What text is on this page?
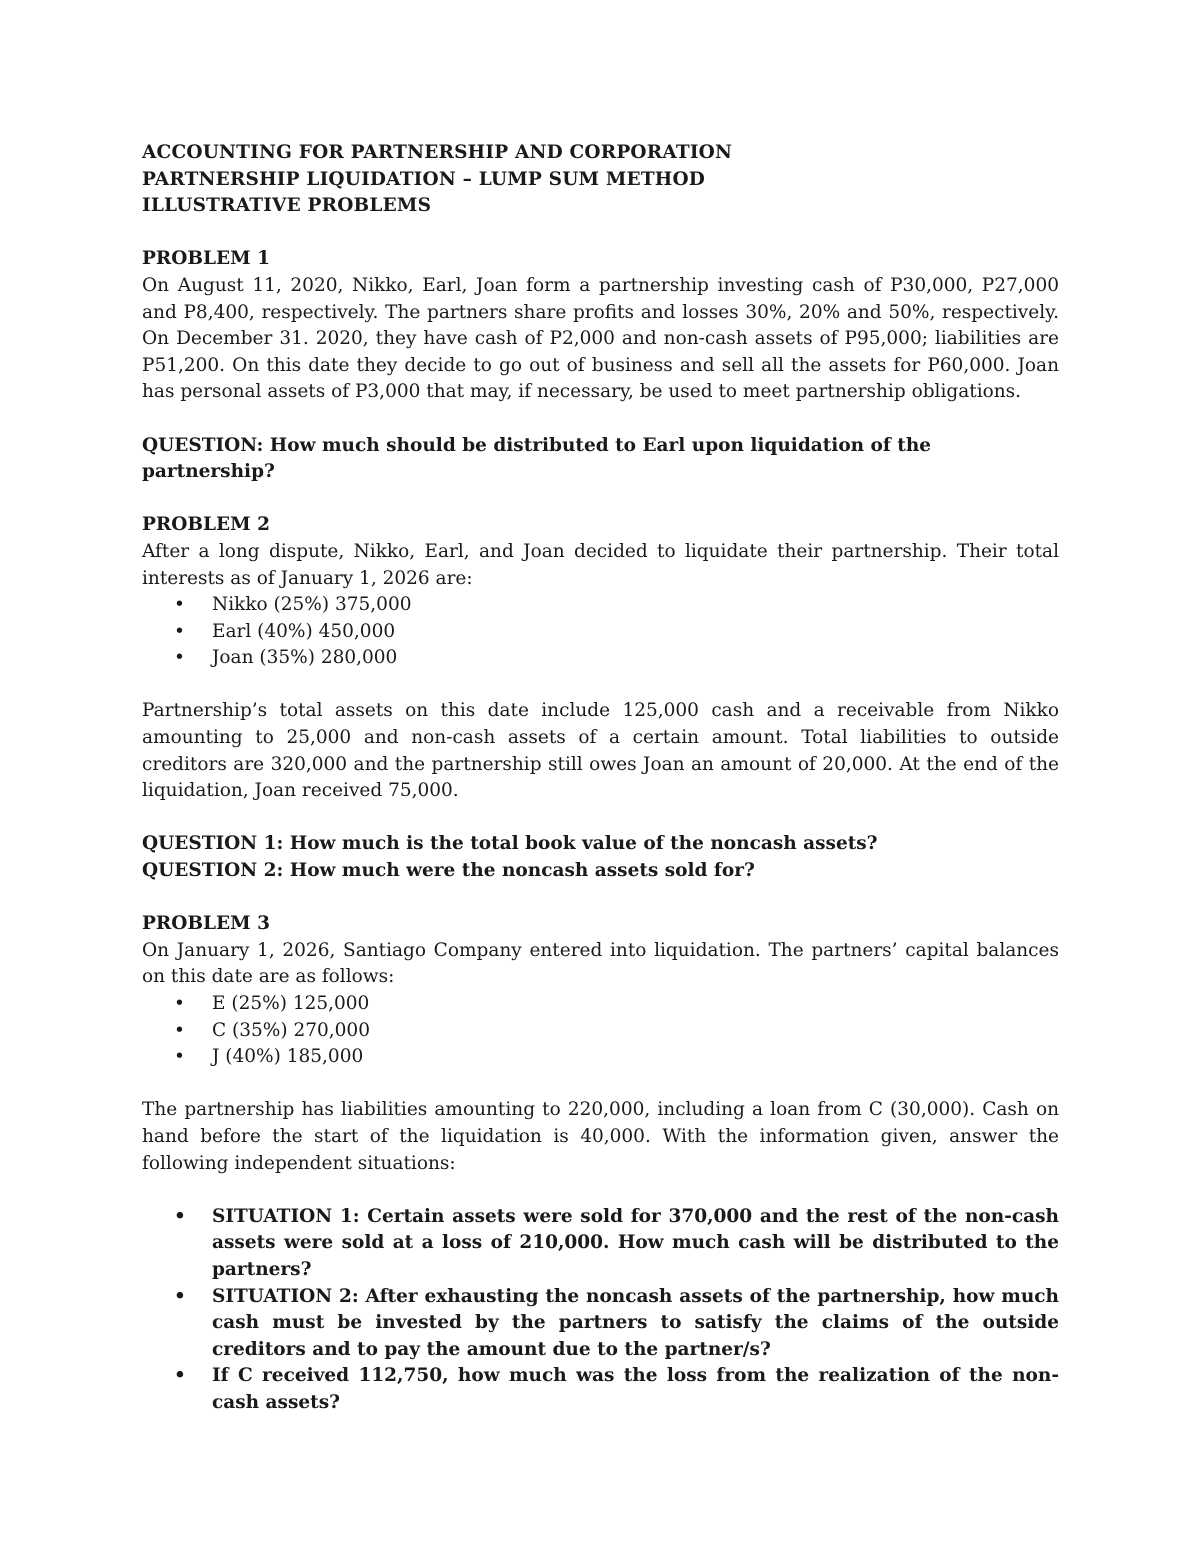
ACCOUNTING FOR PARTNERSHIP AND CORPORATION

PARTNERSHIP LIQUIDATION – LUMP SUM METHOD

ILLUSTRATIVE PROBLEMS

PROBLEM 1

On August 11, 2020, Nikko, Earl, Joan form a partnership investing cash of P30,000, P27,000 and P8,400, respectively. The partners share profits and losses 30%, 20% and 50%, respectively. On December 31. 2020, they have cash of P2,000 and non-cash assets of P95,000; liabilities are P51,200. On this date they decide to go out of business and sell all the assets for P60,000. Joan has personal assets of P3,000 that may, if necessary, be used to meet partnership obligations.

QUESTION: How much should be distributed to Earl upon liquidation of the partnership?

PROBLEM 2

After a long dispute, Nikko, Earl, and Joan decided to liquidate their partnership. Their total interests as of January 1, 2026 are:

• Nikko (25%) 375,000
• Earl (40%) 450,000
• Joan (35%) 280,000

Partnership’s total assets on this date include 125,000 cash and a receivable from Nikko amounting to 25,000 and non-cash assets of a certain amount. Total liabilities to outside creditors are 320,000 and the partnership still owes Joan an amount of 20,000. At the end of the liquidation, Joan received 75,000.

QUESTION 1: How much is the total book value of the noncash assets?

QUESTION 2: How much were the noncash assets sold for?

PROBLEM 3

On January 1, 2026, Santiago Company entered into liquidation. The partners’ capital balances on this date are as follows:

• E (25%) 125,000
• C (35%) 270,000
• J (40%) 185,000

The partnership has liabilities amounting to 220,000, including a loan from C (30,000). Cash on hand before the start of the liquidation is 40,000. With the information given, answer the following independent situations:

• SITUATION 1: Certain assets were sold for 370,000 and the rest of the non-cash assets were sold at a loss of 210,000. How much cash will be distributed to the partners?
• SITUATION 2: After exhausting the noncash assets of the partnership, how much cash must be invested by the partners to satisfy the claims of the outside creditors and to pay the amount due to the partner/s?
• If C received 112,750, how much was the loss from the realization of the non-cash assets?
